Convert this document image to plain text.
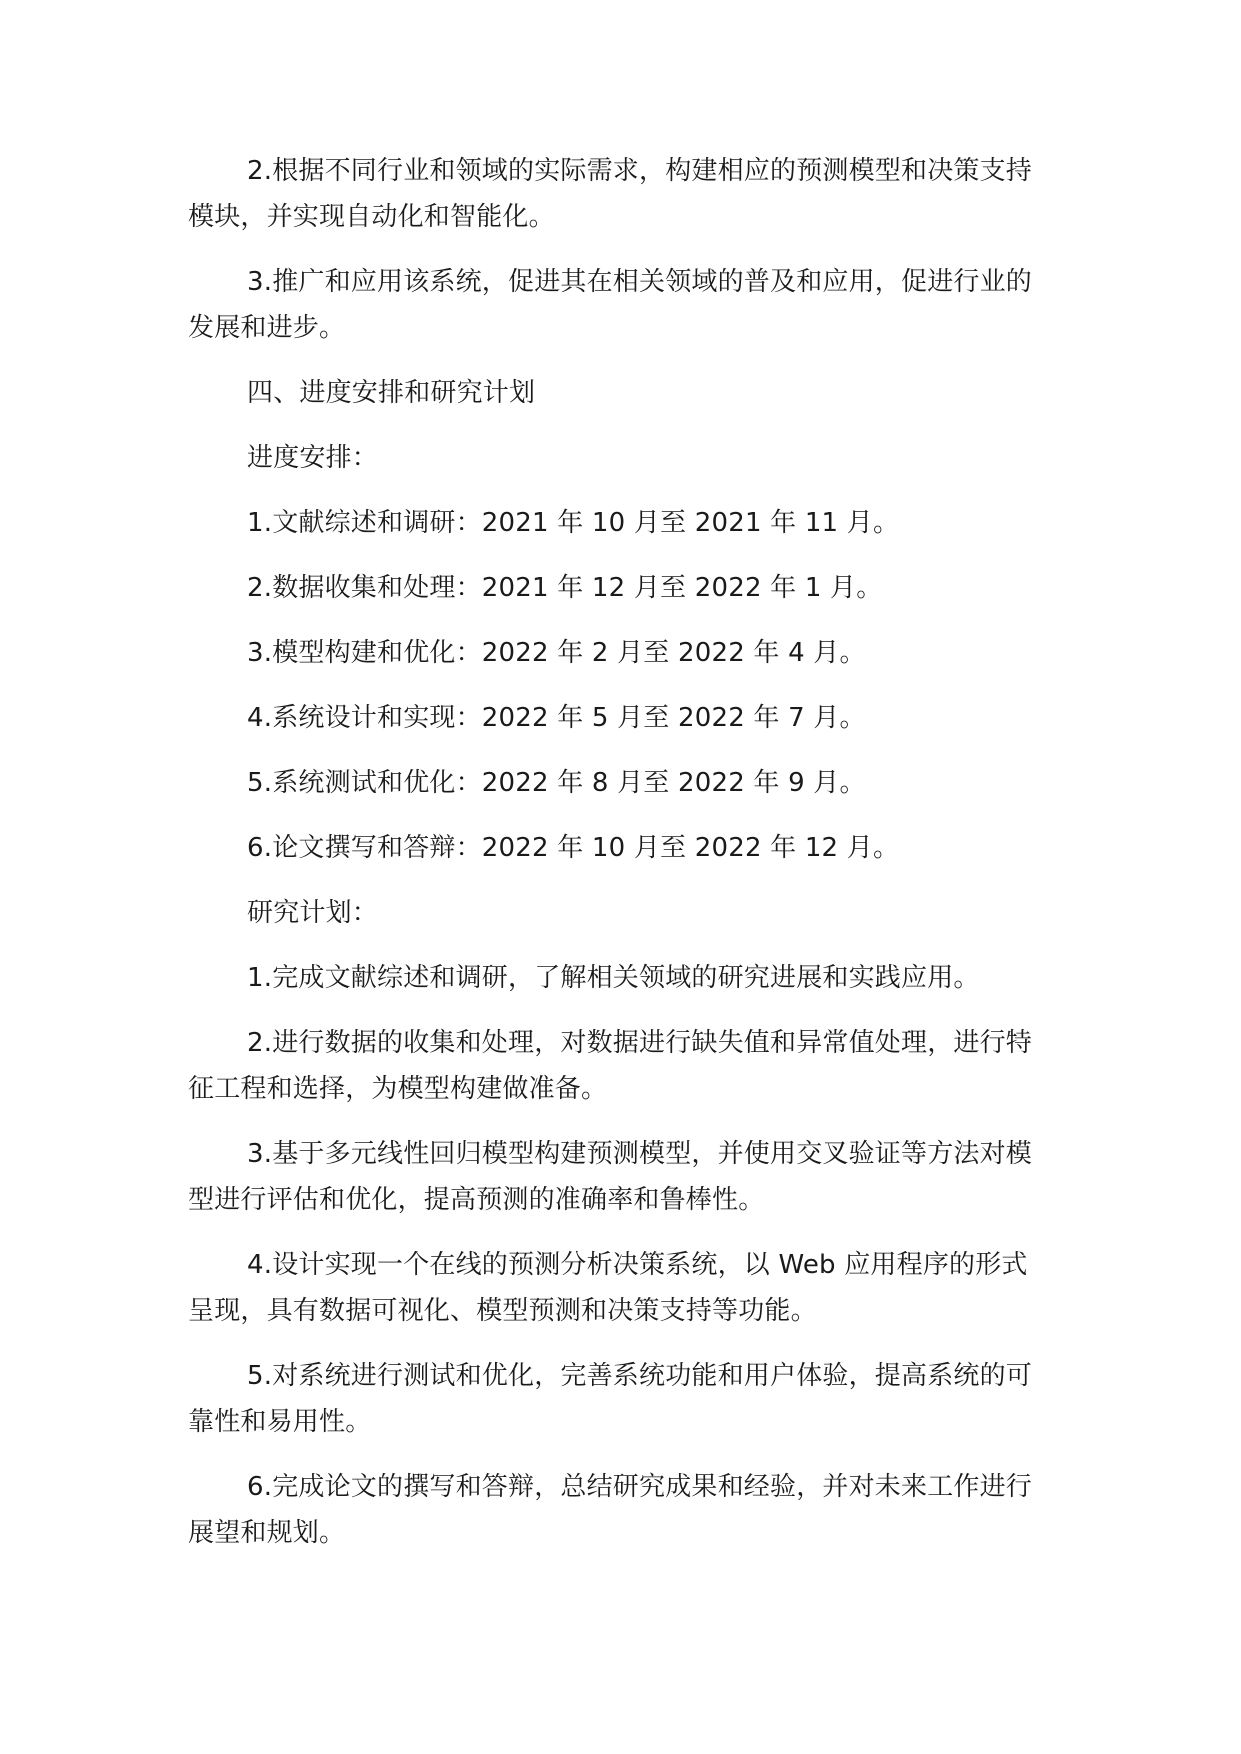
2.根据不同行业和领域的实际需求，构建相应的预测模型和决策支持模块，并实现自动化和智能化。

3.推广和应用该系统，促进其在相关领域的普及和应用，促进行业的发展和进步。

四、进度安排和研究计划

进度安排：

1.文献综述和调研：2021 年 10 月至 2021 年 11 月。

2.数据收集和处理：2021 年 12 月至 2022 年 1 月。

3.模型构建和优化：2022 年 2 月至 2022 年 4 月。

4.系统设计和实现：2022 年 5 月至 2022 年 7 月。

5.系统测试和优化：2022 年 8 月至 2022 年 9 月。

6.论文撰写和答辩：2022 年 10 月至 2022 年 12 月。

研究计划：

1.完成文献综述和调研，了解相关领域的研究进展和实践应用。

2.进行数据的收集和处理，对数据进行缺失值和异常值处理，进行特征工程和选择，为模型构建做准备。

3.基于多元线性回归模型构建预测模型，并使用交叉验证等方法对模型进行评估和优化，提高预测的准确率和鲁棒性。

4.设计实现一个在线的预测分析决策系统，以 Web 应用程序的形式呈现，具有数据可视化、模型预测和决策支持等功能。

5.对系统进行测试和优化，完善系统功能和用户体验，提高系统的可靠性和易用性。

6.完成论文的撰写和答辩，总结研究成果和经验，并对未来工作进行展望和规划。
